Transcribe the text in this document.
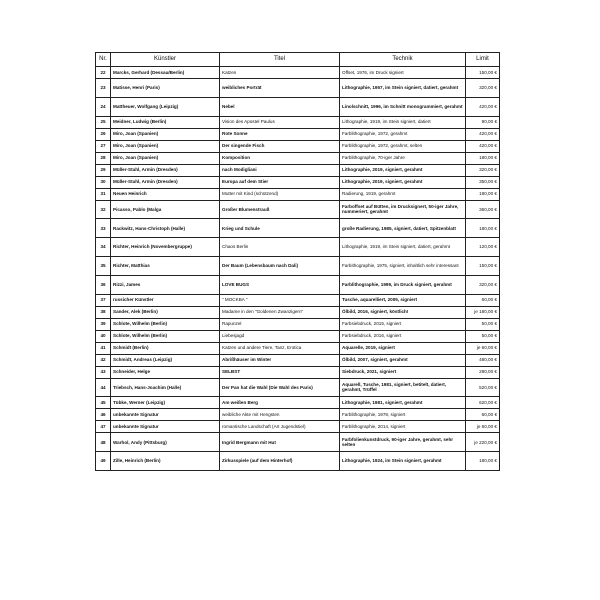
Nr.	Künstler	Titel	Technik	Limit
22	Marcks, Gerhard (Dessau/Berlin)	Katzen	Offset, 1976, im Druck signiert	150,00 €
23	Matisse, Henri (Paris)	weibliches Porträt	Lithographie, 1957, im Stein signiert, datiert, gerahmt	320,00 €
24	Mattheuer, Wolfgang (Leipzig)	Nebel	Linolschnitt, 1996, im Schnitt monogrammiert, gerahmt	420,00 €
25	Meidner, Ludwig (Berlin)	Vision des Apostel Paulus	Lithographie, 1919, im Stein signiert, datiert	90,00 €
26	Miro, Joan (Spanien)	Rote Sonne	Farblithographie, 1972, gerahmt	420,00 €
27	Miro, Joan (Spanien)	Der singende Fisch	Farblithographie, 1972, gerahmt, selten	420,00 €
28	Miro, Joan (Spanien)	Komposition	Farblithographie, 70-iger Jahre	180,00 €
29	Müller-Stahl, Armin (Dresden)	nach Modigliani	Lithographie, 2019, signiert, gerahmt	320,00 €
30	Müller-Stahl, Armin (Dresden)	Europa auf dem Stier	Lithographie, 2019, signiert, gerahmt	350,00 €
31	Neuen Heinrich	Mutter mit Kind (schützend)	Radierung, 1919, gerahmt	180,00 €
32	Picasso, Pablo (Malga	Großer Blumenstrauß	Farboffset auf Bütten, im Drucksignert, 50-iger Jahre, nummeriert, gerahmt	360,00 €
33	Rackwitz, Hans-Christoph (Halle)	Krieg und Schule	große Radierung, 1985, signiert, datiert, Spitzenblatt	180,00 €
34	Richter, Heinrich (Novembergruppe)	Chaos Berlin	Lithographie, 1919, im Stein signiert, datiert, gerahmt	120,00 €
35	Richter, Matthias	Der Baum (Lebensbaum nach Dali)	Farbithographie, 1975, signiert, inhaltlich sehr interessant	150,00 €
36	Rizzi, James	LOVE BUGS	Farblithographie, 1999, im Druck signiert, gerahmt	320,00 €
37	russicher Künstler	" MOCKBA "	Tusche, aquarelliert, 2005, signiert	60,00 €
38	Sander, Alek (Berlin)	Madame in den "Goldenen Zwanzigern"	Ölbild, 2016, signiert, köstlich!	je 180,00 €
39	Schlote, Wilhelm (Berlin)	Rapunzel	Farbsiebdruck, 2015, signiert	50,00 €
40	Schlote, Wilhelm (Berlin)	Liebesjagd	Farbsiebdruck, 2016, signiert	50,00 €
41	Schmidt (Berlin)	Katzen und andere Tiere, Tanz, Erotica	Aquarelle, 2019, signiert	je 60,00 €
42	Schmidt, Andreas (Leipzig)	Abrißhäuser im Winter	Ölbild, 2007, signiert, gerahmt	480,00 €
43	Schneider, Helge	SELBST	Siebdruck, 2021, signiert	280,00 €
44	Triebsch, Hans-Joachim (Halle)	Der Pan hat die Wahl (Die Wahl des Paris)	Aquarell, Tusche, 1981, signiert, betitelt, datiert, gerahmt, Trüffel	520,00 €
45	Tübke, Werner (Leipzig)	Am weißen Berg	Lithographie, 1981, signiert, gerahmt	620,00 €
46	unbekannte Signatur	weibliche Akte mit Hengsten	Farblithographie, 1978, signiert	60,00 €
47	unbekannte Signatur	romantische Landschaft (Art Jugendstiel)	Farblithographie, 2014, signiert	je 60,00 €
48	Warhol, Andy (Pittsburg)	Ingrid Bergmann mit Hut	Farbfolienkunstdruck, 90-iger Jahre, gerahmt, sehr selten	je 220,00 €
49	Zille, Heinrich (Berlin)	Zirkusspiele (auf dem Hinterhof)	Lithographie, 1924, im Stein signiert, gerahmt	180,00 €
